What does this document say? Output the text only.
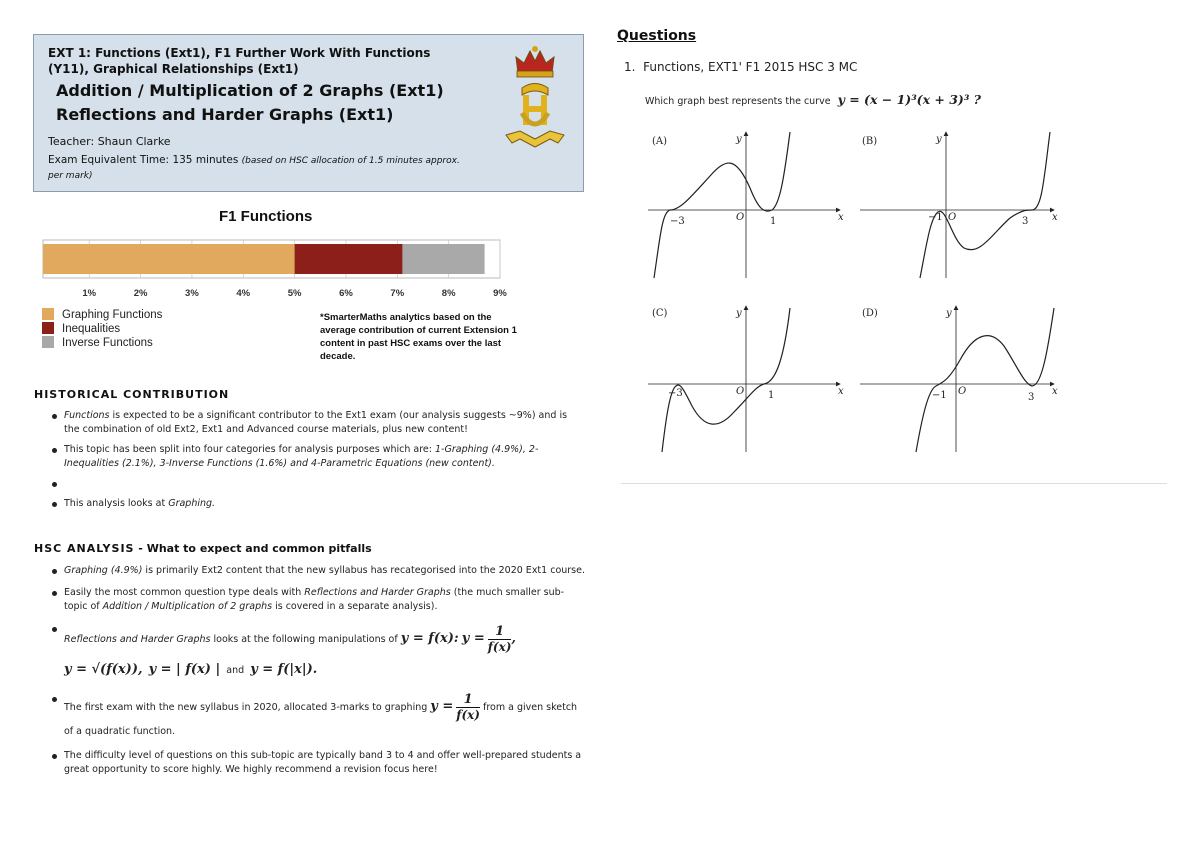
EXT 1: Functions (Ext1), F1 Further Work With Functions (Y11), Graphical Relationships (Ext1)
Addition / Multiplication of 2 Graphs (Ext1)
Reflections and Harder Graphs (Ext1)
Teacher: Shaun Clarke
Exam Equivalent Time: 135 minutes (based on HSC allocation of 1.5 minutes approx. per mark)
F1 Functions
1%	2%	3%	4%	5%	6%	7%	8%	9%
Graphing Functions
Inequalities
Inverse Functions
*SmarterMaths analytics based on the average contribution of current Extension 1 content in past HSC exams over the last decade.
HISTORICAL CONTRIBUTION
Functions is expected to be a significant contributor to the Ext1 exam (our analysis suggests ~9%) and is the combination of old Ext2, Ext1 and Advanced course materials, plus new content!
This topic has been split into four categories for analysis purposes which are: 1-Graphing (4.9%), 2-Inequalities (2.1%), 3-Inverse Functions (1.6%) and 4-Parametric Equations (new content).
This analysis looks at Graphing.
HSC ANALYSIS - What to expect and common pitfalls
Graphing (4.9%) is primarily Ext2 content that the new syllabus has recategorised into the 2020 Ext1 course.
Easily the most common question type deals with Reflections and Harder Graphs (the much smaller sub-topic of Addition / Multiplication of 2 graphs is covered in a separate analysis).
Reflections and Harder Graphs looks at the following manipulations of y = f(x): $y = \frac{1}{f(x)}$ ,
y = √(f(x)), y = | f(x) | and y = f(|x|).
The first exam with the new syllabus in 2020, allocated 3-marks to graphing $y = \frac{1}{f(x)}$ from a given sketch of a quadratic function.
The difficulty level of questions on this sub-topic are typically band 3 to 4 and offer well-prepared students a great opportunity to score highly. We highly recommend a revision focus here!
Questions
1. Functions, EXT1' F1 2015 HSC 3 MC
Which graph best represents the curve y = (x − 1)³(x + 3)³ ?
(A)
−3	O	1	x
y	(B)
−1 O	3 x
y
(C)
−3	O 1	x
y	(D)
−1 O
3
x
y
